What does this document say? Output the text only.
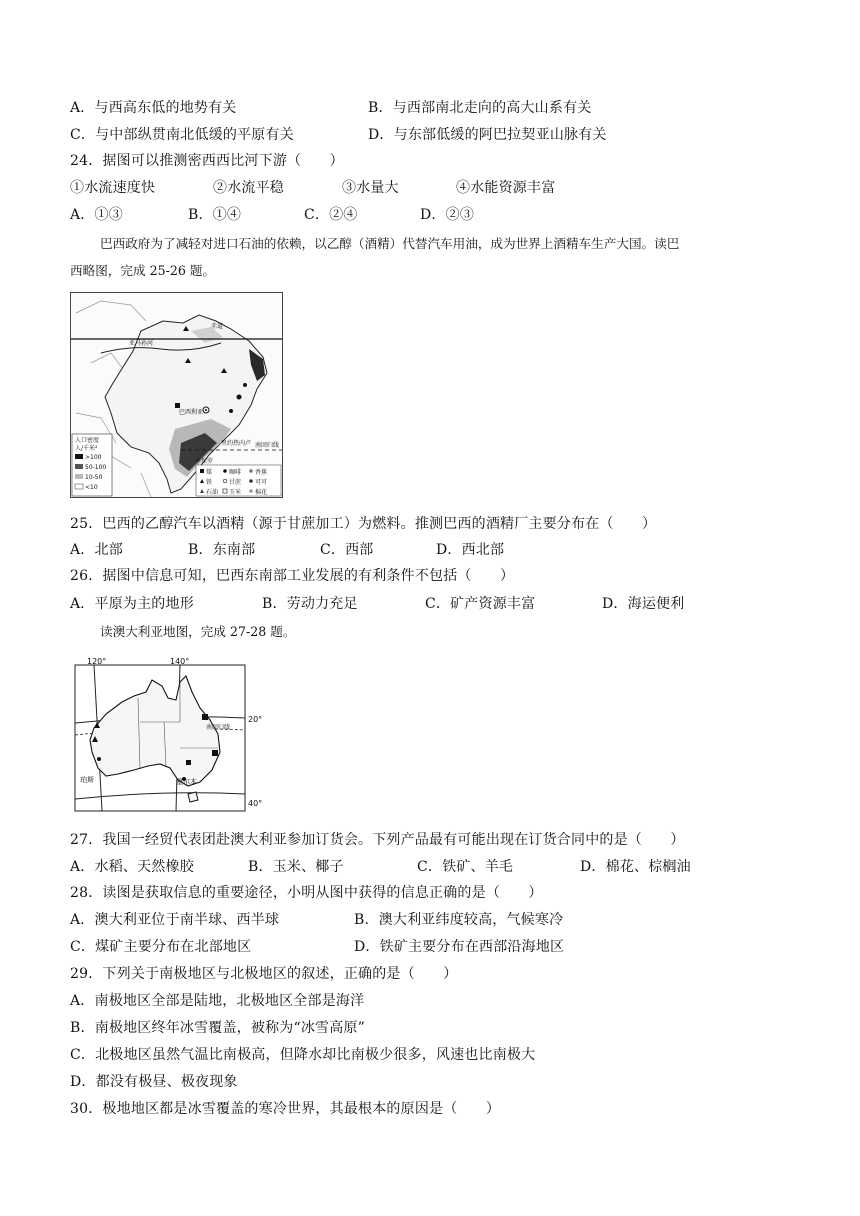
A．与西高东低的地势有关	B．与西部南北走向的高大山系有关
C．与中部纵贯南北低缓的平原有关	D．与东部低缓的阿巴拉契亚山脉有关
24．据图可以推测密西西比河下游（　　）
①水流速度快	②水流平稳	③水量大	④水能资源丰富
A．①③	B．①④	C．②④	D．②③
巴西政府为了减轻对进口石油的依赖，以乙醇（酒精）代替汽车用油，成为世界上酒精车生产大国。读巴
西略图，完成 25-26 题。
赤道
亚马孙河
巴西利亚
里约热内卢
圣保罗
南回归线
人口密度
人/千米²
>100
50-100
10-50
<10
煤
铁
石油
咖啡
甘蔗
玉米
香蕉
可可
棉花
25．巴西的乙醇汽车以酒精（源于甘蔗加工）为燃料。推测巴西的酒精厂主要分布在（　　）
A．北部	B．东南部	C．西部	D．西北部
26．据图中信息可知，巴西东南部工业发展的有利条件不包括（　　）
A．平原为主的地形	B．劳动力充足	C．矿产资源丰富	D．海运便利
读澳大利亚地图，完成 27-28 题。
120°	140°
20°
40°
南回归线
珀斯	墨尔本
27．我国一经贸代表团赴澳大利亚参加订货会。下列产品最有可能出现在订货合同中的是（　　）
A．水稻、天然橡胶	B．玉米、椰子	C．铁矿、羊毛	D．棉花、棕榈油
28．读图是获取信息的重要途径，小明从图中获得的信息正确的是（　　）
A．澳大利亚位于南半球、西半球	B．澳大利亚纬度较高，气候寒冷
C．煤矿主要分布在北部地区	D．铁矿主要分布在西部沿海地区
29．下列关于南极地区与北极地区的叙述，正确的是（　　）
A．南极地区全部是陆地，北极地区全部是海洋
B．南极地区终年冰雪覆盖，被称为“冰雪高原”
C．北极地区虽然气温比南极高，但降水却比南极少很多，风速也比南极大
D．都没有极昼、极夜现象
30．极地地区都是冰雪覆盖的寒冷世界，其最根本的原因是（　　）
